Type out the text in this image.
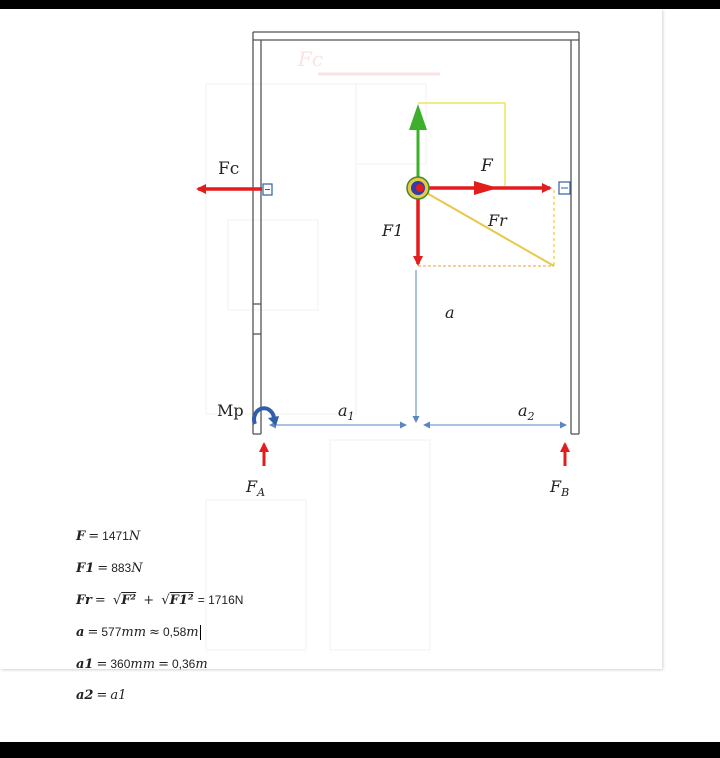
Fc
Fc	F
Fr
F1
a
$a_1$	$a_2$
Mp
$F_A$	$F_B$
F = 1471N
F1 = 883N
Fr = √F² + √F1² = 1716N
a = 577mm ≈ 0,58m
a1 = 360mm = 0,36m
a2 = a1
